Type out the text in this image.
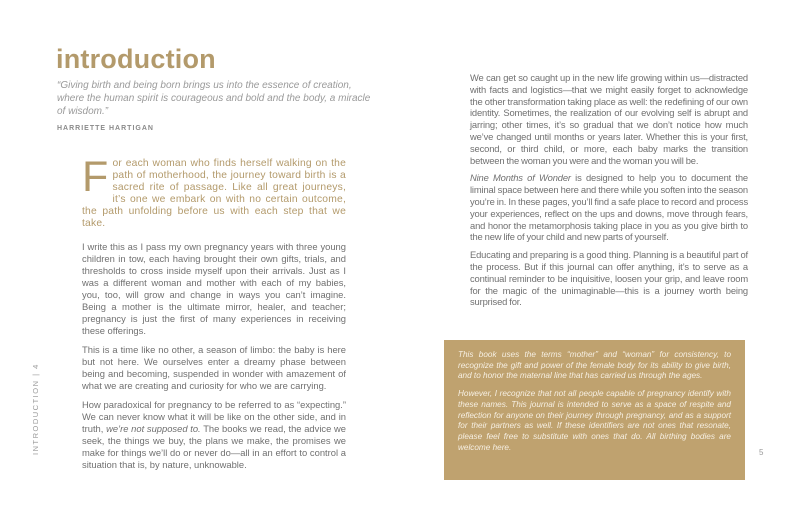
introduction
“Giving birth and being born brings us into the essence of creation, where the human spirit is courageous and bold and the body, a miracle of wisdom.”
HARRIETTE HARTIGAN
For each woman who finds herself walking on the path of motherhood, the journey toward birth is a sacred rite of passage. Like all great journeys, it’s one we embark on with no certain outcome, the path unfolding before us with each step that we take.

I write this as I pass my own pregnancy years with three young children in tow, each having brought their own gifts, trials, and thresholds to cross inside myself upon their arrivals. Just as I was a different woman and mother with each of my babies, you, too, will grow and change in ways you can’t imagine. Being a mother is the ultimate mirror, healer, and teacher; pregnancy is just the first of many experiences in receiving these offerings.

This is a time like no other, a season of limbo: the baby is here but not here. We ourselves enter a dreamy phase between being and becoming, suspended in wonder with amazement of what we are creating and curiosity for who we are carrying.

How paradoxical for pregnancy to be referred to as “expecting.” We can never know what it will be like on the other side, and in truth, we’re not supposed to. The books we read, the advice we seek, the things we buy, the plans we make, the promises we make for things we’ll do or never do—all in an effort to control a situation that is, by nature, unknowable.

INTRODUCTION | 4

We can get so caught up in the new life growing within us—distracted with facts and logistics—that we might easily forget to acknowledge the other transformation taking place as well: the redefining of our own identity. Sometimes, the realization of our evolving self is abrupt and jarring; other times, it’s so gradual that we don’t notice how much we’ve changed until months or years later. Whether this is your first, second, or third child, or more, each baby marks the transition between the woman you were and the woman you will be.

Nine Months of Wonder is designed to help you to document the liminal space between here and there while you soften into the season you’re in. In these pages, you’ll find a safe place to record and process your experiences, reflect on the ups and downs, move through fears, and honor the metamorphosis taking place in you as you give birth to the new life of your child and new parts of yourself.

Educating and preparing is a good thing. Planning is a beautiful part of the process. But if this journal can offer anything, it’s to serve as a continual reminder to be inquisitive, loosen your grip, and leave room for the magic of the unimaginable—this is a journey worth being surprised for.

This book uses the terms “mother” and “woman” for consistency, to recognize the gift and power of the female body for its ability to give birth, and to honor the maternal line that has carried us through the ages.

However, I recognize that not all people capable of pregnancy identify with these names. This journal is intended to serve as a space of respite and reflection for anyone on their journey through pregnancy, and as a support for their partners as well. If these identifiers are not ones that resonate, please feel free to substitute with ones that do. All birthing bodies are welcome here.

5
